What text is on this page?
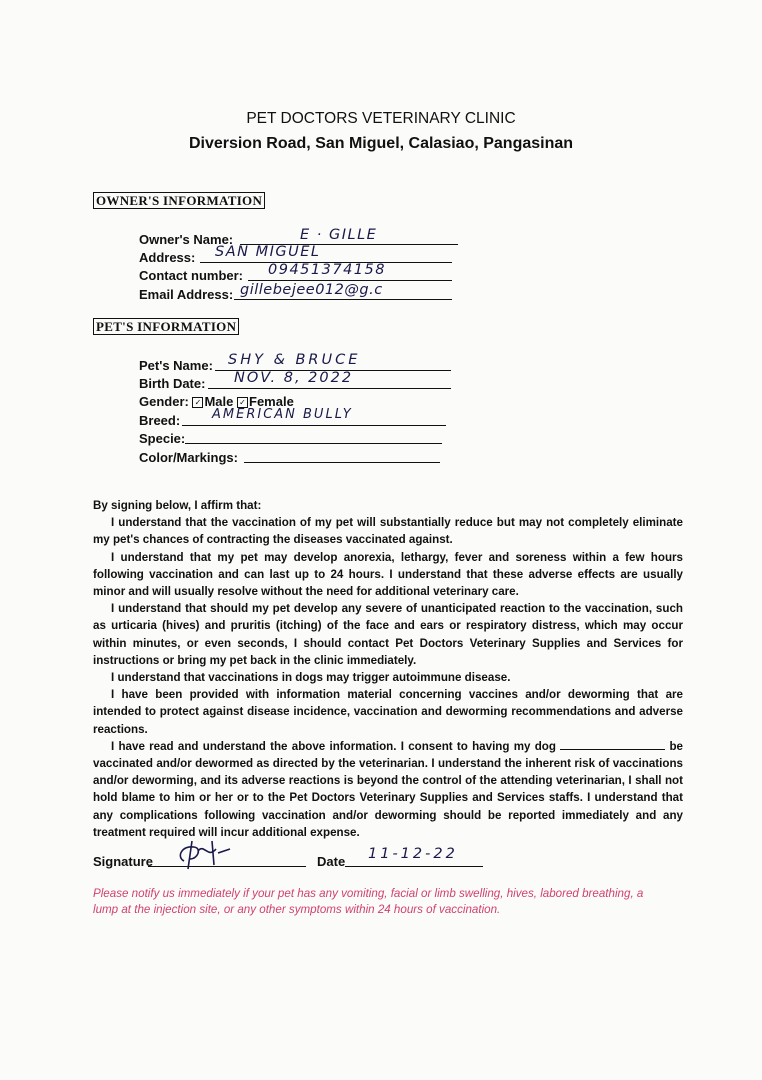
PET DOCTORS VETERINARY CLINIC
Diversion Road, San Miguel, Calasiao, Pangasinan
OWNER'S INFORMATION
Owner's Name:	E · GILLE
Address: SAN MIGUEL
Contact number: 09451374158
Email Address: gillebejee012@g.c
PET'S INFORMATION
Pet's Name: SHY & BRUCE
Birth Date: NOV. 8, 2022
Gender: ✓ Male ✓ Female
Breed: AMERICAN BULLY
Specie:
Color/Markings:

By signing below, I affirm that:

I understand that the vaccination of my pet will substantially reduce but may not completely eliminate my pet's chances of contracting the diseases vaccinated against.

I understand that my pet may develop anorexia, lethargy, fever and soreness within a few hours following vaccination and can last up to 24 hours. I understand that these adverse effects are usually minor and will usually resolve without the need for additional veterinary care.

I understand that should my pet develop any severe of unanticipated reaction to the vaccination, such as urticaria (hives) and pruritis (itching) of the face and ears or respiratory distress, which may occur within minutes, or even seconds, I should contact Pet Doctors Veterinary Supplies and Services for instructions or bring my pet back in the clinic immediately.

I understand that vaccinations in dogs may trigger autoimmune disease.

I have been provided with information material concerning vaccines and/or deworming that are intended to protect against disease incidence, vaccination and deworming recommendations and adverse reactions.

I have read and understand the above information. I consent to having my dog	be vaccinated and/or dewormed as directed by the veterinarian. I understand the inherent risk of vaccinations and/or deworming, and its adverse reactions is beyond the control of the attending veterinarian, I shall not hold blame to him or her or to the Pet Doctors Veterinary Supplies and Services staffs. I understand that any complications following vaccination and/or deworming should be reported immediately and any treatment required will incur additional expense.

Signature	Date 11-12-22
Please notify us immediately if your pet has any vomiting, facial or limb swelling, hives, labored breathing, a lump at the injection site, or any other symptoms within 24 hours of vaccination.
